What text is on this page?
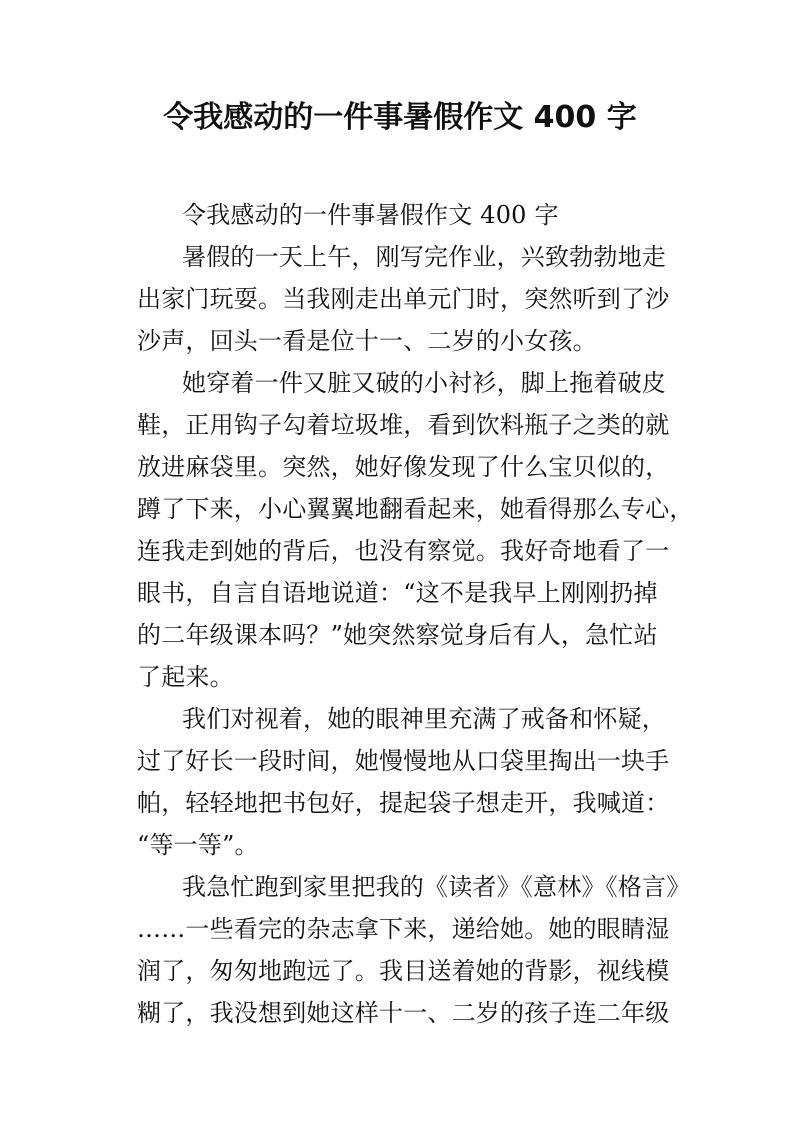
令我感动的一件事暑假作文 400 字
令我感动的一件事暑假作文 400 字
暑假的一天上午，刚写完作业，兴致勃勃地走
出家门玩耍。当我刚走出单元门时，突然听到了沙
沙声，回头一看是位十一、二岁的小女孩。
她穿着一件又脏又破的小衬衫，脚上拖着破皮
鞋，正用钩子勾着垃圾堆，看到饮料瓶子之类的就
放进麻袋里。突然，她好像发现了什么宝贝似的，
蹲了下来，小心翼翼地翻看起来，她看得那么专心，
连我走到她的背后，也没有察觉。我好奇地看了一
眼书，自言自语地说道：“这不是我早上刚刚扔掉
的二年级课本吗？”她突然察觉身后有人，急忙站
了起来。
我们对视着，她的眼神里充满了戒备和怀疑，
过了好长一段时间，她慢慢地从口袋里掏出一块手
帕，轻轻地把书包好，提起袋子想走开，我喊道：
“等一等”。
我急忙跑到家里把我的《读者》《意林》《格言》
……一些看完的杂志拿下来，递给她。她的眼睛湿
润了，匆匆地跑远了。我目送着她的背影，视线模
糊了，我没想到她这样十一、二岁的孩子连二年级
